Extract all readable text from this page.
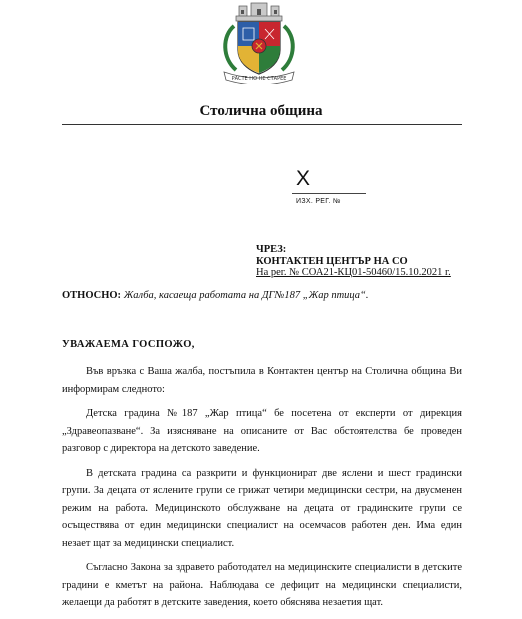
РАСТЕ НО НЕ СТАРЕЕ
Столична община
X
ИЗХ. РЕГ. №
ЧРЕЗ:
КОНТАКТЕН ЦЕНТЪР НА СО
На рег. № СОА21-КЦ01-50460/15.10.2021 г.
ОТНОСНО: Жалба, касаеща работата на ДГ№187 „Жар птица“.
УВАЖАЕМА ГОСПОЖО,

Във връзка с Ваша жалба, постъпила в Контактен център на Столична община Ви информирам следното:

Детска градина №187 „Жар птица“ бе посетена от експерти от дирекция „Здравеопазване“. За изясняване на описаните от Вас обстоятелства бе проведен разговор с директора на детското заведение.

В детската градина са разкрити и функционират две яслени и шест градински групи. За децата от яслените групи се грижат четири медицински сестри, на двусменен режим на работа. Медицинското обслужване на децата от градинските групи се осъществява от един медицински специалист на осемчасов работен ден. Има един незает щат за медицински специалист.

Съгласно Закона за здравето работодател на медицинските специалисти в детските градини е кметът на района. Наблюдава се дефицит на медицински специалисти, желаещи да работят в детските заведения, което обяснява незаетия щат.
